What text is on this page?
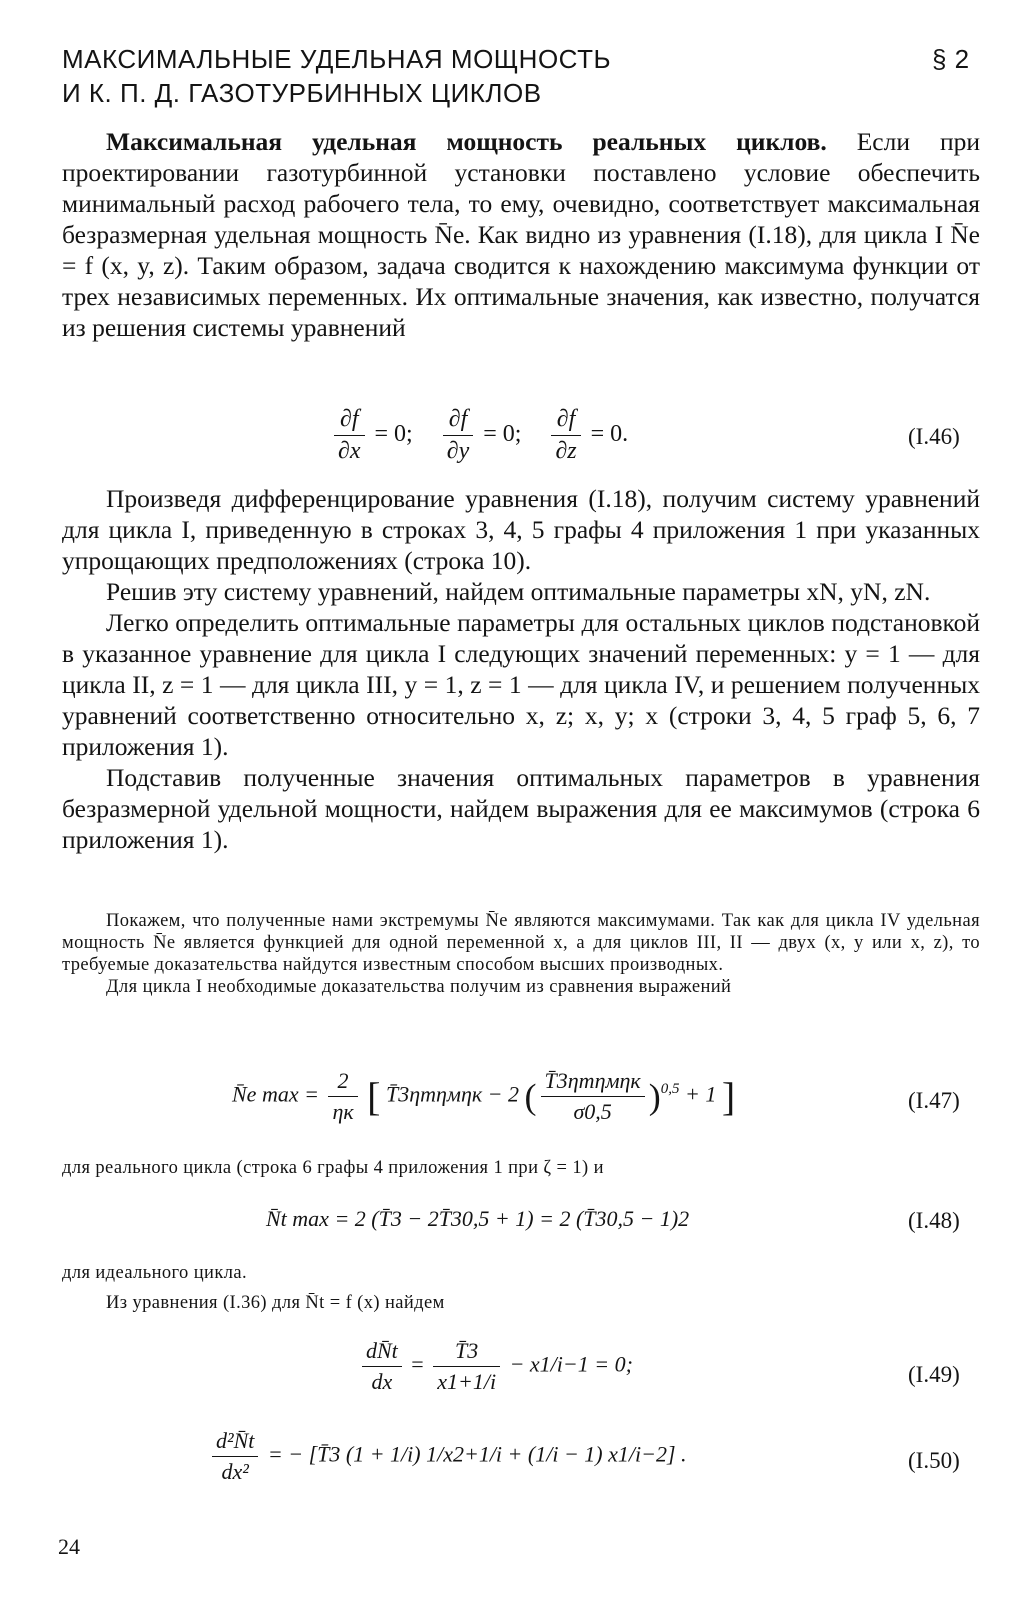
МАКСИМАЛЬНЫЕ УДЕЛЬНАЯ МОЩНОСТЬ
И К. П. Д. ГАЗОТУРБИННЫХ ЦИКЛОВ
§ 2

Максимальная удельная мощность реальных циклов. Если при проектировании газотурбинной установки поставлено условие обеспечить минимальный расход рабочего тела, то ему, очевидно, соответствует максимальная безразмерная удельная мощность N̄e. Как видно из уравнения (I.18), для цикла I N̄e = f (x, y, z). Таким образом, задача сводится к нахождению максимума функции от трех независимых переменных. Их оптимальные значения, как известно, получатся из решения системы уравнений

$\frac{\partial f}{\partial x} = 0$; $\frac{\partial f}{\partial y} = 0$; $\frac{\partial f}{\partial z} = 0$.	(I.46)

Произведя дифференцирование уравнения (I.18), получим систему уравнений для цикла I, приведенную в строках 3, 4, 5 графы 4 приложения 1 при указанных упрощающих предположениях (строка 10).

Решив эту систему уравнений, найдем оптимальные параметры xN, yN, zN.

Легко определить оптимальные параметры для остальных циклов подстановкой в указанное уравнение для цикла I следующих значений переменных: y = 1 — для цикла II, z = 1 — для цикла III, y = 1, z = 1 — для цикла IV, и решением полученных уравнений соответственно относительно x, z; x, y; x (строки 3, 4, 5 граф 5, 6, 7 приложения 1).

Подставив полученные значения оптимальных параметров в уравнения безразмерной удельной мощности, найдем выражения для ее максимумов (строка 6 приложения 1).

Покажем, что полученные нами экстремумы N̄e являются максимумами. Так как для цикла IV удельная мощность N̄e является функцией для одной переменной x, а для циклов III, II — двух (x, y или x, z), то требуемые доказательства найдутся известным способом высших производных.

Для цикла I необходимые доказательства получим из сравнения выражений

N̄e $\max = \frac{2}{\eta к}$ [ T̄3ηтηмηк − 2 ( $\frac{\text{T̄3ηтηмηк}}{\sigma 0,5} )^{0,5} + 1$ ]	(I.47)
для реального цикла (строка 6 графы 4 приложения 1 при ζ = 1) и
N̄t max = 2 (T̄3 − 2T̄30,5 + 1) = 2 (T̄30,5 − 1)2	(I.48)
для идеального цикла.
Из уравнения (I.36) для N̄t = f (x) найдем
$\frac{dN̄t}{dx} = \frac{T̄3}{x1+1/i} - x1/i-1 = 0$;	(I.49)
$\frac{\text{d²N̄t}}{\text{dx²}}$ = − [T̄3 (1 + 1/i) 1/x2+1/i + (1/i − 1) x1/i−2] .	(I.50)
24
